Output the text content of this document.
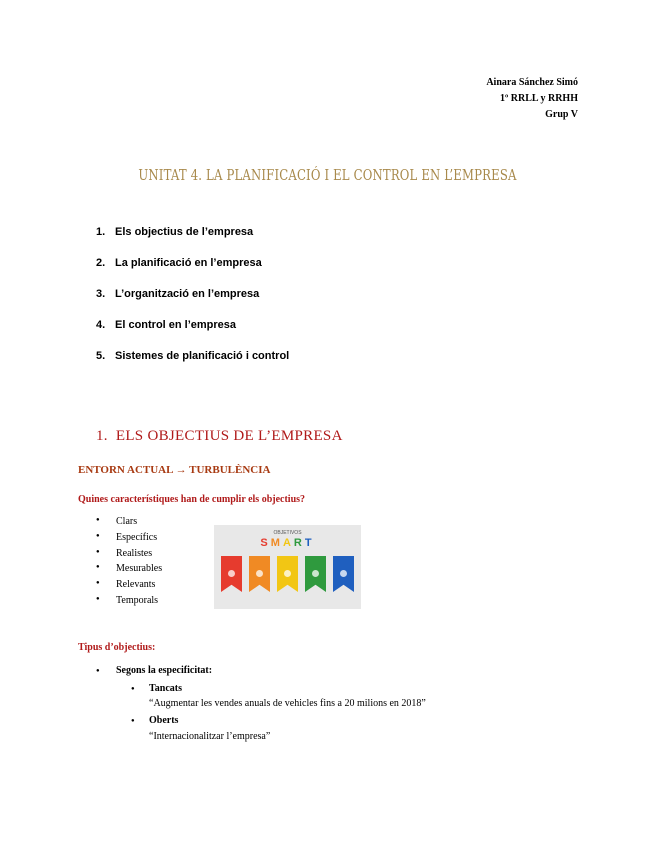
Ainara Sánchez Simó
1º RRLL y RRHH
Grup V
UNITAT 4. LA PLANIFICACIÓ I EL CONTROL EN L’EMPRESA
1. Els objectius de l’empresa
2. La planificació en l’empresa
3. L’organització en l’empresa
4. El control en l’empresa
5. Sistemes de planificació i control
1. ELS OBJECTIUS DE L’EMPRESA
ENTORN ACTUAL → TURBULÈNCIA
Quines característiques han de cumplir els objectius?
● Clars
● Específics
● Realistes
● Mesurables
● Relevants
● Temporals
OBJETIVOS
SMART
Tipus d’objectius:
● Segons la especificitat:
● Tancats
“Augmentar les vendes anuals de vehicles fins a 20 milions en 2018”
● Oberts
“Internacionalitzar l’empresa”
